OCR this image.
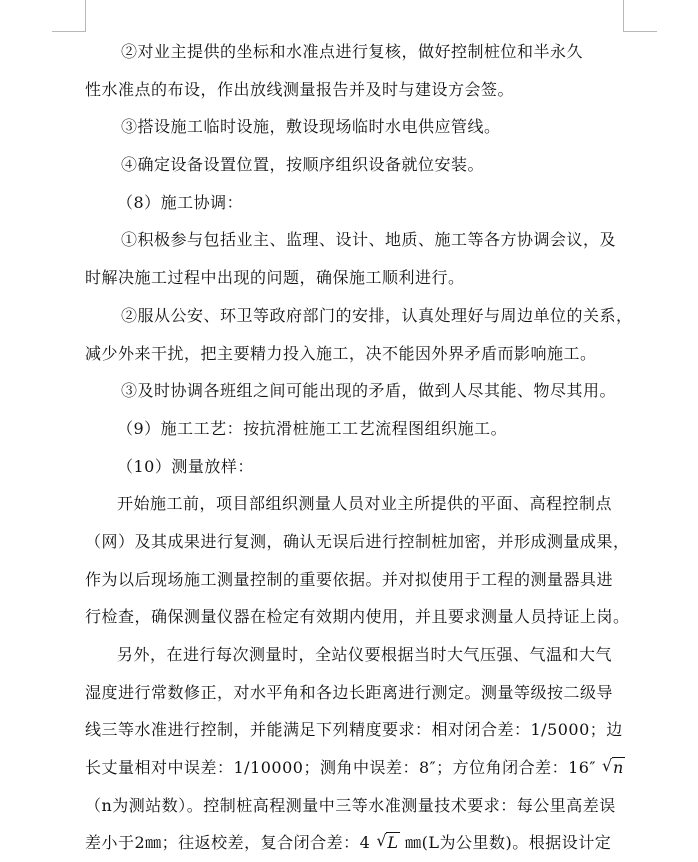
②对业主提供的坐标和水准点进行复核，做好控制桩位和半永久
性水准点的布设，作出放线测量报告并及时与建设方会签。
③搭设施工临时设施，敷设现场临时水电供应管线。
④确定设备设置位置，按顺序组织设备就位安装。
（8）施工协调：
①积极参与包括业主、监理、设计、地质、施工等各方协调会议，及
时解决施工过程中出现的问题，确保施工顺利进行。
②服从公安、环卫等政府部门的安排，认真处理好与周边单位的关系，
减少外来干扰，把主要精力投入施工，决不能因外界矛盾而影响施工。
③及时协调各班组之间可能出现的矛盾，做到人尽其能、物尽其用。
（9）施工工艺：按抗滑桩施工工艺流程图组织施工。
（10）测量放样：
开始施工前，项目部组织测量人员对业主所提供的平面、高程控制点
（网）及其成果进行复测，确认无误后进行控制桩加密，并形成测量成果，
作为以后现场施工测量控制的重要依据。并对拟使用于工程的测量器具进
行检查，确保测量仪器在检定有效期内使用，并且要求测量人员持证上岗。
另外，在进行每次测量时，全站仪要根据当时大气压强、气温和大气
湿度进行常数修正，对水平角和各边长距离进行测定。测量等级按二级导
线三等水准进行控制，并能满足下列精度要求：相对闭合差：1/5000；边
长丈量相对中误差：1/10000；测角中误差：8″；方位角闭合差：16″ √ n
（n为测站数）。控制桩高程测量中三等水准测量技术要求：每公里高差误
差小于2㎜；往返校差，复合闭合差：4 √ L ㎜(L为公里数)。根据设计定
